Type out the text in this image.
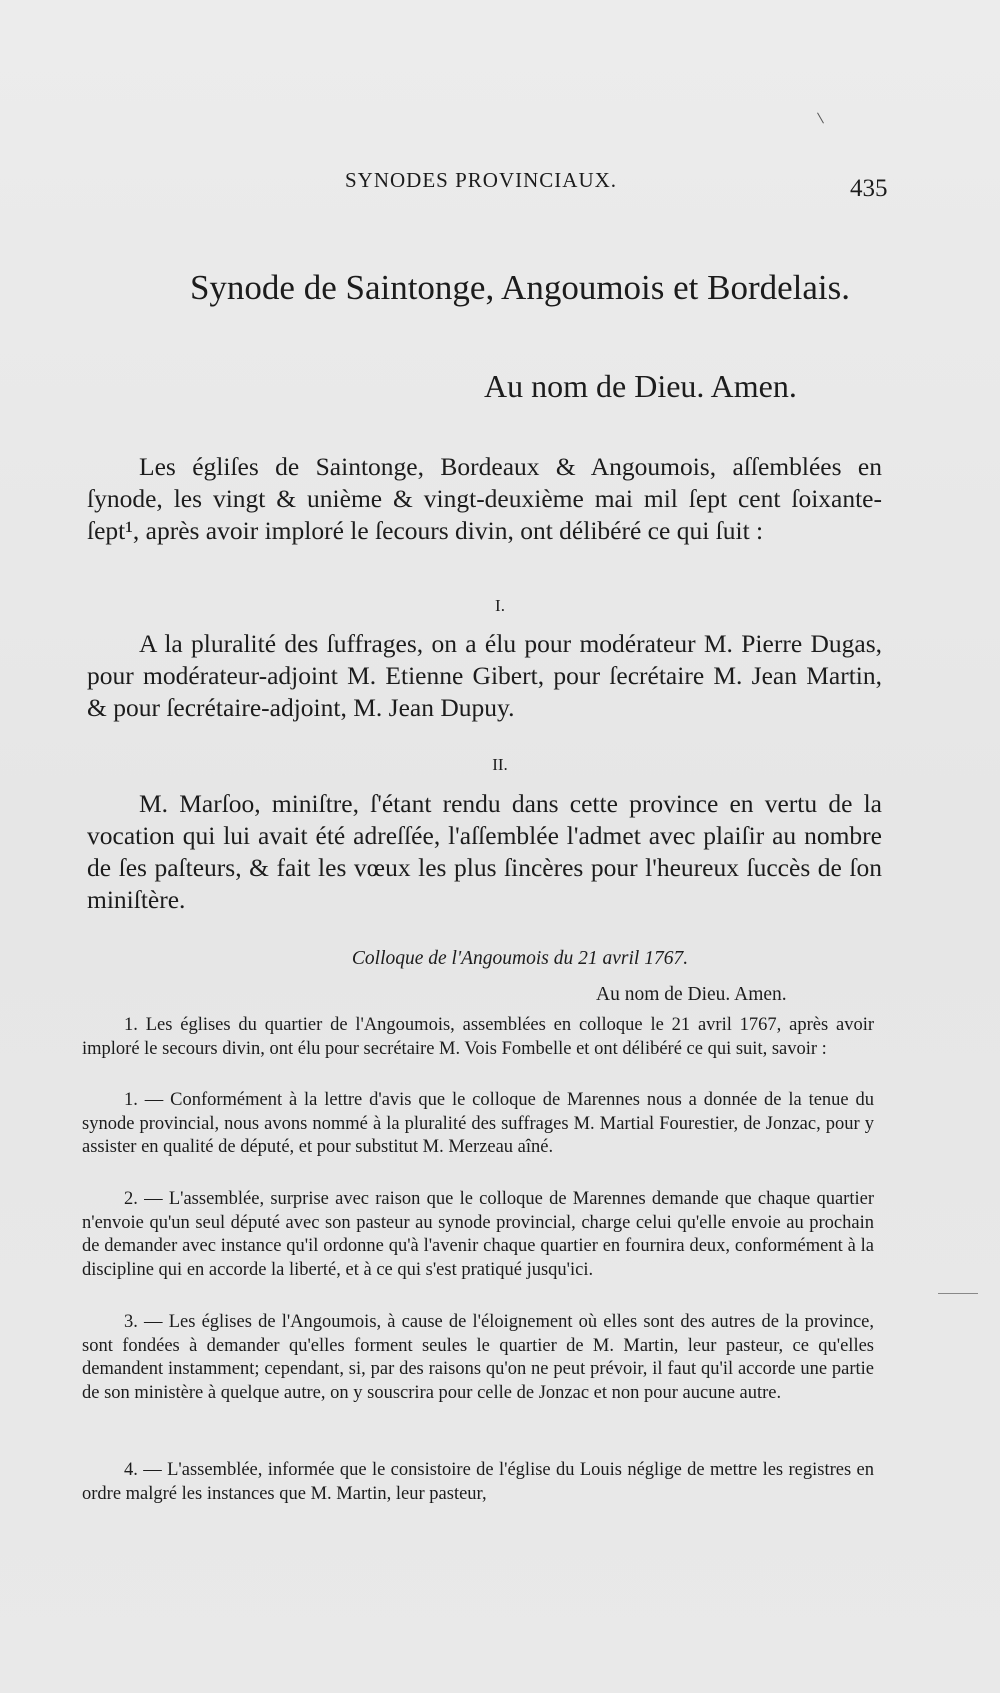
SYNODES PROVINCIAUX.	435
Synode de Saintonge, Angoumois et Bordelais.
Au nom de Dieu. Amen.

Les égliſes de Saintonge, Bordeaux & Angoumois, aſſemblées en ſynode, les vingt & unième & vingt-deuxième mai mil ſept cent ſoixante-ſept¹, après avoir imploré le ſecours divin, ont délibéré ce qui ſuit :

I.

A la pluralité des ſuffrages, on a élu pour modérateur M. Pierre Dugas, pour modérateur-adjoint M. Etienne Gibert, pour ſecrétaire M. Jean Martin, & pour ſecrétaire-adjoint, M. Jean Dupuy.

II.

M. Marſoo, miniſtre, ſ'étant rendu dans cette province en vertu de la vocation qui lui avait été adreſſée, l'aſſemblée l'admet avec plaiſir au nombre de ſes paſteurs, & fait les vœux les plus ſincères pour l'heureux ſuccès de ſon miniſtère.

Colloque de l'Angoumois du 21 avril 1767.
Au nom de Dieu. Amen.

1. Les églises du quartier de l'Angoumois, assemblées en colloque le 21 avril 1767, après avoir imploré le secours divin, ont élu pour secrétaire M. Vois Fombelle et ont délibéré ce qui suit, savoir :

1. — Conformément à la lettre d'avis que le colloque de Marennes nous a donnée de la tenue du synode provincial, nous avons nommé à la pluralité des suffrages M. Martial Fourestier, de Jonzac, pour y assister en qualité de député, et pour substitut M. Merzeau aîné.

2. — L'assemblée, surprise avec raison que le colloque de Marennes demande que chaque quartier n'envoie qu'un seul député avec son pasteur au synode provincial, charge celui qu'elle envoie au prochain de demander avec instance qu'il ordonne qu'à l'avenir chaque quartier en fournira deux, conformément à la discipline qui en accorde la liberté, et à ce qui s'est pratiqué jusqu'ici.

3. — Les églises de l'Angoumois, à cause de l'éloignement où elles sont des autres de la province, sont fondées à demander qu'elles forment seules le quartier de M. Martin, leur pasteur, ce qu'elles demandent instamment; cependant, si, par des raisons qu'on ne peut prévoir, il faut qu'il accorde une partie de son ministère à quelque autre, on y souscrira pour celle de Jonzac et non pour aucune autre.

4. — L'assemblée, informée que le consistoire de l'église du Louis néglige de mettre les registres en ordre malgré les instances que M. Martin, leur pasteur,
